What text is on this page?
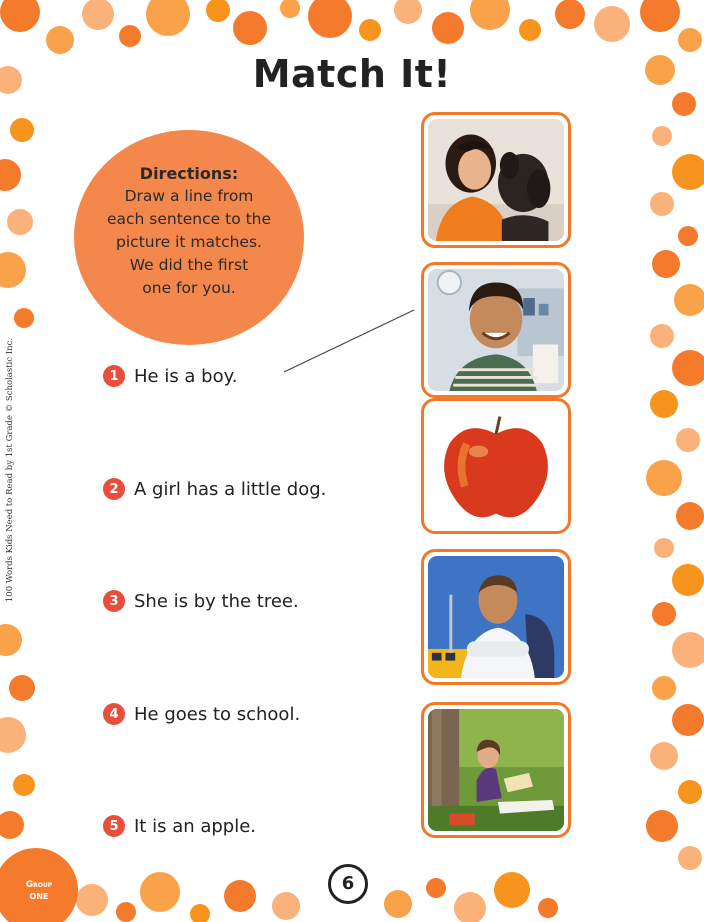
Match It!
Directions:
Draw a line from
each sentence to the
picture it matches.
We did the first
one for you.
1 He is a boy.
2 A girl has a little dog.
3 She is by the tree.
4 He goes to school.
5 It is an apple.
100 Words Kids Need to Read by 1st Grade © Scholastic Inc.
Group
ONE
6
